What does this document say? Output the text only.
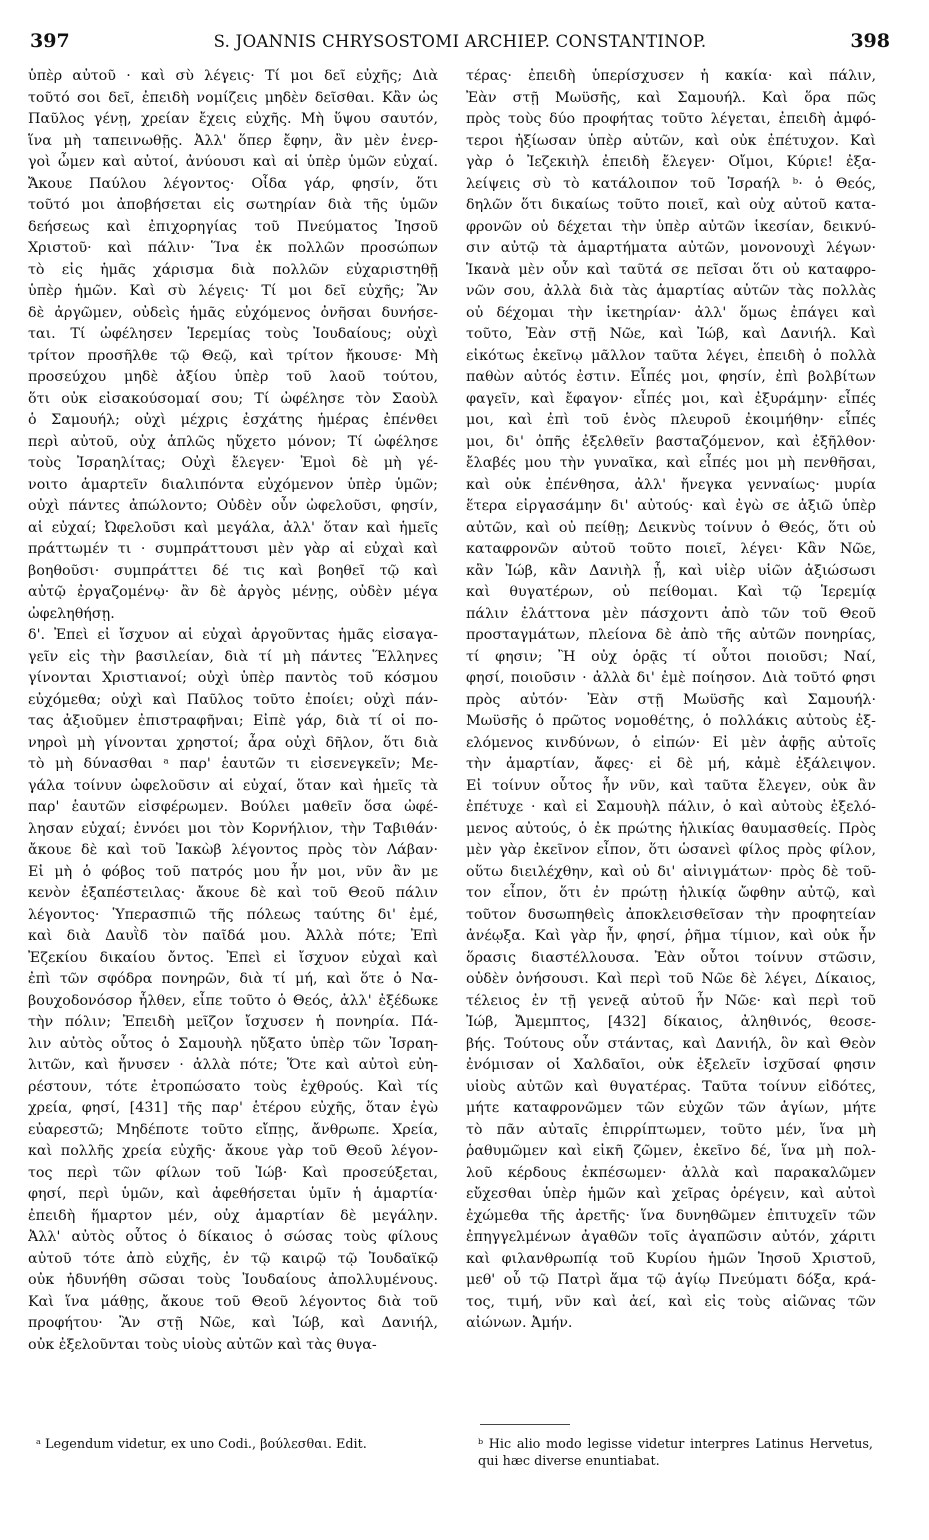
397	S. JOANNIS CHRYSOSTOMI ARCHIEP. CONSTANTINOP.	398
ὑπὲρ αὐτοῦ · καὶ σὺ λέγεις· Τί μοι δεῖ εὐχῆς; Διὰ
τοῦτό σοι δεῖ, ἐπειδὴ νομίζεις μηδὲν δεῖσθαι. Κἂν ὡς
Παῦλος γένῃ, χρείαν ἔχεις εὐχῆς. Μὴ ὕψου σαυτόν,
ἵνα μὴ ταπεινωθῇς. Ἀλλ' ὅπερ ἔφην, ἂν μὲν ἐνερ-
γοὶ ὦμεν καὶ αὐτοί, ἀνύουσι καὶ αἱ ὑπὲρ ὑμῶν εὐχαί.
Ἄκουε Παύλου λέγοντος· Οἶδα γάρ, φησίν, ὅτι
τοῦτό μοι ἀποβήσεται εἰς σωτηρίαν διὰ τῆς ὑμῶν
δεήσεως καὶ ἐπιχορηγίας τοῦ Πνεύματος Ἰησοῦ
Χριστοῦ· καὶ πάλιν· Ἵνα ἐκ πολλῶν προσώπων
τὸ εἰς ἡμᾶς χάρισμα διὰ πολλῶν εὐχαριστηθῇ
ὑπὲρ ἡμῶν. Καὶ σὺ λέγεις· Τί μοι δεῖ εὐχῆς; Ἂν
δὲ ἀργῶμεν, οὐδεὶς ἡμᾶς εὐχόμενος ὀνῆσαι δυνήσε-
ται. Τί ὠφέλησεν Ἱερεμίας τοὺς Ἰουδαίους; οὐχὶ
τρίτον προσῆλθε τῷ Θεῷ, καὶ τρίτον ἤκουσε· Μὴ
προσεύχου μηδὲ ἀξίου ὑπὲρ τοῦ λαοῦ τούτου,
ὅτι οὐκ εἰσακούσομαί σου; Τί ὠφέλησε τὸν Σαοὺλ
ὁ Σαμουήλ; οὐχὶ μέχρις ἐσχάτης ἡμέρας ἐπένθει
περὶ αὐτοῦ, οὐχ ἁπλῶς ηὔχετο μόνον; Τί ὠφέλησε
τοὺς Ἰσραηλίτας; Οὐχὶ ἔλεγεν· Ἐμοὶ δὲ μὴ γέ-
νοιτο ἁμαρτεῖν διαλιπόντα εὐχόμενον ὑπὲρ ὑμῶν;
οὐχὶ πάντες ἀπώλοντο; Οὐδὲν οὖν ὠφελοῦσι, φησίν,
αἱ εὐχαί; Ὠφελοῦσι καὶ μεγάλα, ἀλλ' ὅταν καὶ ἡμεῖς
πράττωμέν τι · συμπράττουσι μὲν γὰρ αἱ εὐχαὶ καὶ
βοηθοῦσι· συμπράττει δέ τις καὶ βοηθεῖ τῷ καὶ
αὐτῷ ἐργαζομένῳ· ἂν δὲ ἀργὸς μένῃς, οὐδὲν μέγα
ὠφεληθήσῃ.
δ'. Ἐπεὶ εἰ ἴσχυον αἱ εὐχαὶ ἀργοῦντας ἡμᾶς εἰσαγα-
γεῖν εἰς τὴν βασιλείαν, διὰ τί μὴ πάντες Ἕλληνες
γίνονται Χριστιανοί; οὐχὶ ὑπὲρ παντὸς τοῦ κόσμου
εὐχόμεθα; οὐχὶ καὶ Παῦλος τοῦτο ἐποίει; οὐχὶ πάν-
τας ἀξιοῦμεν ἐπιστραφῆναι; Εἰπὲ γάρ, διὰ τί οἱ πο-
νηροὶ μὴ γίνονται χρηστοί; ἆρα οὐχὶ δῆλον, ὅτι διὰ
τὸ μὴ δύνασθαι ᵃ παρ' ἑαυτῶν τι εἰσενεγκεῖν; Με-
γάλα τοίνυν ὠφελοῦσιν αἱ εὐχαί, ὅταν καὶ ἡμεῖς τὰ
παρ' ἑαυτῶν εἰσφέρωμεν. Βούλει μαθεῖν ὅσα ὠφέ-
λησαν εὐχαί; ἐννόει μοι τὸν Κορνήλιον, τὴν Ταβιθάν·
ἄκουε δὲ καὶ τοῦ Ἰακὼβ λέγοντος πρὸς τὸν Λάβαν·
Εἰ μὴ ὁ φόβος τοῦ πατρός μου ἦν μοι, νῦν ἂν με
κενὸν ἐξαπέστειλας· ἄκουε δὲ καὶ τοῦ Θεοῦ πάλιν
λέγοντος· Ὑπερασπιῶ τῆς πόλεως ταύτης δι' ἐμέ,
καὶ διὰ Δαυῒδ τὸν παῖδά μου. Ἀλλὰ πότε; Ἐπὶ
Ἐζεκίου δικαίου ὄντος. Ἐπεὶ εἰ ἴσχυον εὐχαὶ καὶ
ἐπὶ τῶν σφόδρα πονηρῶν, διὰ τί μή, καὶ ὅτε ὁ Να-
βουχοδονόσορ ἦλθεν, εἶπε τοῦτο ὁ Θεός, ἀλλ' ἐξέδωκε
τὴν πόλιν; Ἐπειδὴ μεῖζον ἴσχυσεν ἡ πονηρία. Πά-
λιν αὐτὸς οὗτος ὁ Σαμουὴλ ηὔξατο ὑπὲρ τῶν Ἰσραη-
λιτῶν, καὶ ἤνυσεν · ἀλλὰ πότε; Ὅτε καὶ αὐτοὶ εὐη-
ρέστουν, τότε ἐτροπώσατο τοὺς ἐχθρούς. Καὶ τίς
χρεία, φησί, [431] τῆς παρ' ἑτέρου εὐχῆς, ὅταν ἐγὼ
εὐαρεστῶ; Μηδέποτε τοῦτο εἴπῃς, ἄνθρωπε. Χρεία,
καὶ πολλῆς χρεία εὐχῆς· ἄκουε γὰρ τοῦ Θεοῦ λέγον-
τος περὶ τῶν φίλων τοῦ Ἰώβ· Καὶ προσεύξεται,
φησί, περὶ ὑμῶν, καὶ ἀφεθήσεται ὑμῖν ἡ ἁμαρτία·
ἐπειδὴ ἥμαρτον μέν, οὐχ ἁμαρτίαν δὲ μεγάλην.
Ἀλλ' αὐτὸς οὗτος ὁ δίκαιος ὁ σώσας τοὺς φίλους
αὐτοῦ τότε ἀπὸ εὐχῆς, ἐν τῷ καιρῷ τῷ Ἰουδαϊκῷ
οὐκ ἠδυνήθη σῶσαι τοὺς Ἰουδαίους ἀπολλυμένους.
Καὶ ἵνα μάθῃς, ἄκουε τοῦ Θεοῦ λέγοντος διὰ τοῦ
προφήτου· Ἂν στῇ Νῶε, καὶ Ἰώβ, καὶ Δανιήλ,
οὐκ ἐξελοῦνται τοὺς υἱοὺς αὐτῶν καὶ τὰς θυγα-
τέρας· ἐπειδὴ ὑπερίσχυσεν ἡ κακία· καὶ πάλιν,
Ἐὰν στῇ Μωϋσῆς, καὶ Σαμουήλ. Καὶ ὅρα πῶς
πρὸς τοὺς δύο προφήτας τοῦτο λέγεται, ἐπειδὴ ἀμφό-
τεροι ἠξίωσαν ὑπὲρ αὐτῶν, καὶ οὐκ ἐπέτυχον. Καὶ
γὰρ ὁ Ἰεζεκιὴλ ἐπειδὴ ἔλεγεν· Οἴμοι, Κύριε! ἐξα-
λείψεις σὺ τὸ κατάλοιπον τοῦ Ἰσραήλ ᵇ· ὁ Θεός,
δηλῶν ὅτι δικαίως τοῦτο ποιεῖ, καὶ οὐχ αὐτοῦ κατα-
φρονῶν οὐ δέχεται τὴν ὑπὲρ αὐτῶν ἱκεσίαν, δεικνύ-
σιν αὐτῷ τὰ ἁμαρτήματα αὐτῶν, μονονουχὶ λέγων·
Ἱκανὰ μὲν οὖν καὶ ταῦτά σε πεῖσαι ὅτι οὐ καταφρο-
νῶν σου, ἀλλὰ διὰ τὰς ἁμαρτίας αὐτῶν τὰς πολλὰς
οὐ δέχομαι τὴν ἱκετηρίαν· ἀλλ' ὅμως ἐπάγει καὶ
τοῦτο, Ἐὰν στῇ Νῶε, καὶ Ἰώβ, καὶ Δανιήλ. Καὶ
εἰκότως ἐκεῖνῳ μᾶλλον ταῦτα λέγει, ἐπειδὴ ὁ πολλὰ
παθὼν αὐτός ἐστιν. Εἶπές μοι, φησίν, ἐπὶ βολβίτων
φαγεῖν, καὶ ἔφαγον· εἶπές μοι, καὶ ἐξυράμην· εἶπές
μοι, καὶ ἐπὶ τοῦ ἑνὸς πλευροῦ ἐκοιμήθην· εἶπές
μοι, δι' ὀπῆς ἐξελθεῖν βασταζόμενον, καὶ ἐξῆλθον·
ἔλαβές μου τὴν γυναῖκα, καὶ εἶπές μοι μὴ πενθῆσαι,
καὶ οὐκ ἐπένθησα, ἀλλ' ἤνεγκα γενναίως· μυρία
ἕτερα εἰργασάμην δι' αὐτούς· καὶ ἐγὼ σε ἀξιῶ ὑπὲρ
αὐτῶν, καὶ οὐ πείθῃ; Δεικνὺς τοίνυν ὁ Θεός, ὅτι οὐ
καταφρονῶν αὐτοῦ τοῦτο ποιεῖ, λέγει· Κἂν Νῶε,
κἂν Ἰώβ, κἂν Δανιὴλ ᾖ, καὶ υἱὲρ υἱῶν ἀξιώσωσι
καὶ θυγατέρων, οὐ πείθομαι. Καὶ τῷ Ἱερεμίᾳ
πάλιν ἐλάττονα μὲν πάσχοντι ἀπὸ τῶν τοῦ Θεοῦ
προσταγμάτων, πλείονα δὲ ἀπὸ τῆς αὐτῶν πονηρίας,
τί φησιν; Ἢ οὐχ ὁρᾷς τί οὗτοι ποιοῦσι; Ναί,
φησί, ποιοῦσιν · ἀλλὰ δι' ἐμὲ ποίησον. Διὰ τοῦτό φησι
πρὸς αὐτόν· Ἐὰν στῇ Μωϋσῆς καὶ Σαμουήλ·
Μωϋσῆς ὁ πρῶτος νομοθέτης, ὁ πολλάκις αὐτοὺς ἐξ-
ελόμενος κινδύνων, ὁ εἰπών· Εἰ μὲν ἀφῇς αὐτοῖς
τὴν ἁμαρτίαν, ἄφες· εἰ δὲ μή, κἀμὲ ἐξάλειψον.
Εἰ τοίνυν οὗτος ἦν νῦν, καὶ ταῦτα ἔλεγεν, οὐκ ἂν
ἐπέτυχε · καὶ εἰ Σαμουὴλ πάλιν, ὁ καὶ αὐτοὺς ἐξελό-
μενος αὐτούς, ὁ ἐκ πρώτης ἡλικίας θαυμασθείς. Πρὸς
μὲν γὰρ ἐκεῖνον εἶπον, ὅτι ὡσανεὶ φίλος πρὸς φίλον,
οὕτω διειλέχθην, καὶ οὐ δι' αἰνιγμάτων· πρὸς δὲ τοῦ-
τον εἶπον, ὅτι ἐν πρώτῃ ἡλικίᾳ ὤφθην αὐτῷ, καὶ
τοῦτον δυσωπηθεὶς ἀποκλεισθεῖσαν τὴν προφητείαν
ἀνέῳξα. Καὶ γὰρ ἦν, φησί, ῥῆμα τίμιον, καὶ οὐκ ἦν
ὅρασις διαστέλλουσα. Ἐὰν οὗτοι τοίνυν στῶσιν,
οὐδὲν ὀνήσουσι. Καὶ περὶ τοῦ Νῶε δὲ λέγει, Δίκαιος,
τέλειος ἐν τῇ γενεᾷ αὐτοῦ ἦν Νῶε· καὶ περὶ τοῦ
Ἰώβ, Ἄμεμπτος, [432] δίκαιος, ἀληθινός, θεοσε-
βής. Τούτους οὖν στάντας, καὶ Δανιήλ, ὃν καὶ Θεὸν
ἐνόμισαν οἱ Χαλδαῖοι, οὐκ ἐξελεῖν ἰσχῦσαί φησιν
υἱοὺς αὐτῶν καὶ θυγατέρας. Ταῦτα τοίνυν εἰδότες,
μήτε καταφρονῶμεν τῶν εὐχῶν τῶν ἁγίων, μήτε
τὸ πᾶν αὐταῖς ἐπιρρίπτωμεν, τοῦτο μέν, ἵνα μὴ
ῥαθυμῶμεν καὶ εἰκῆ ζῶμεν, ἐκεῖνο δέ, ἵνα μὴ πολ-
λοῦ κέρδους ἐκπέσωμεν· ἀλλὰ καὶ παρακαλῶμεν
εὔχεσθαι ὑπὲρ ἡμῶν καὶ χεῖρας ὀρέγειν, καὶ αὐτοὶ
ἐχώμεθα τῆς ἀρετῆς· ἵνα δυνηθῶμεν ἐπιτυχεῖν τῶν
ἐπηγγελμένων ἀγαθῶν τοῖς ἀγαπῶσιν αὐτόν, χάριτι
καὶ φιλανθρωπίᾳ τοῦ Κυρίου ἡμῶν Ἰησοῦ Χριστοῦ,
μεθ' οὗ τῷ Πατρὶ ἅμα τῷ ἁγίῳ Πνεύματι δόξα, κρά-
τος, τιμή, νῦν καὶ ἀεί, καὶ εἰς τοὺς αἰῶνας τῶν
αἰώνων. Ἀμήν.
ᵃ Legendum videtur, ex uno Codi., βούλεσθαι. Edit.	ᵇ Hic alio modo legisse videtur interpres Latinus Hervetus, qui hæc diverse enuntiabat.
